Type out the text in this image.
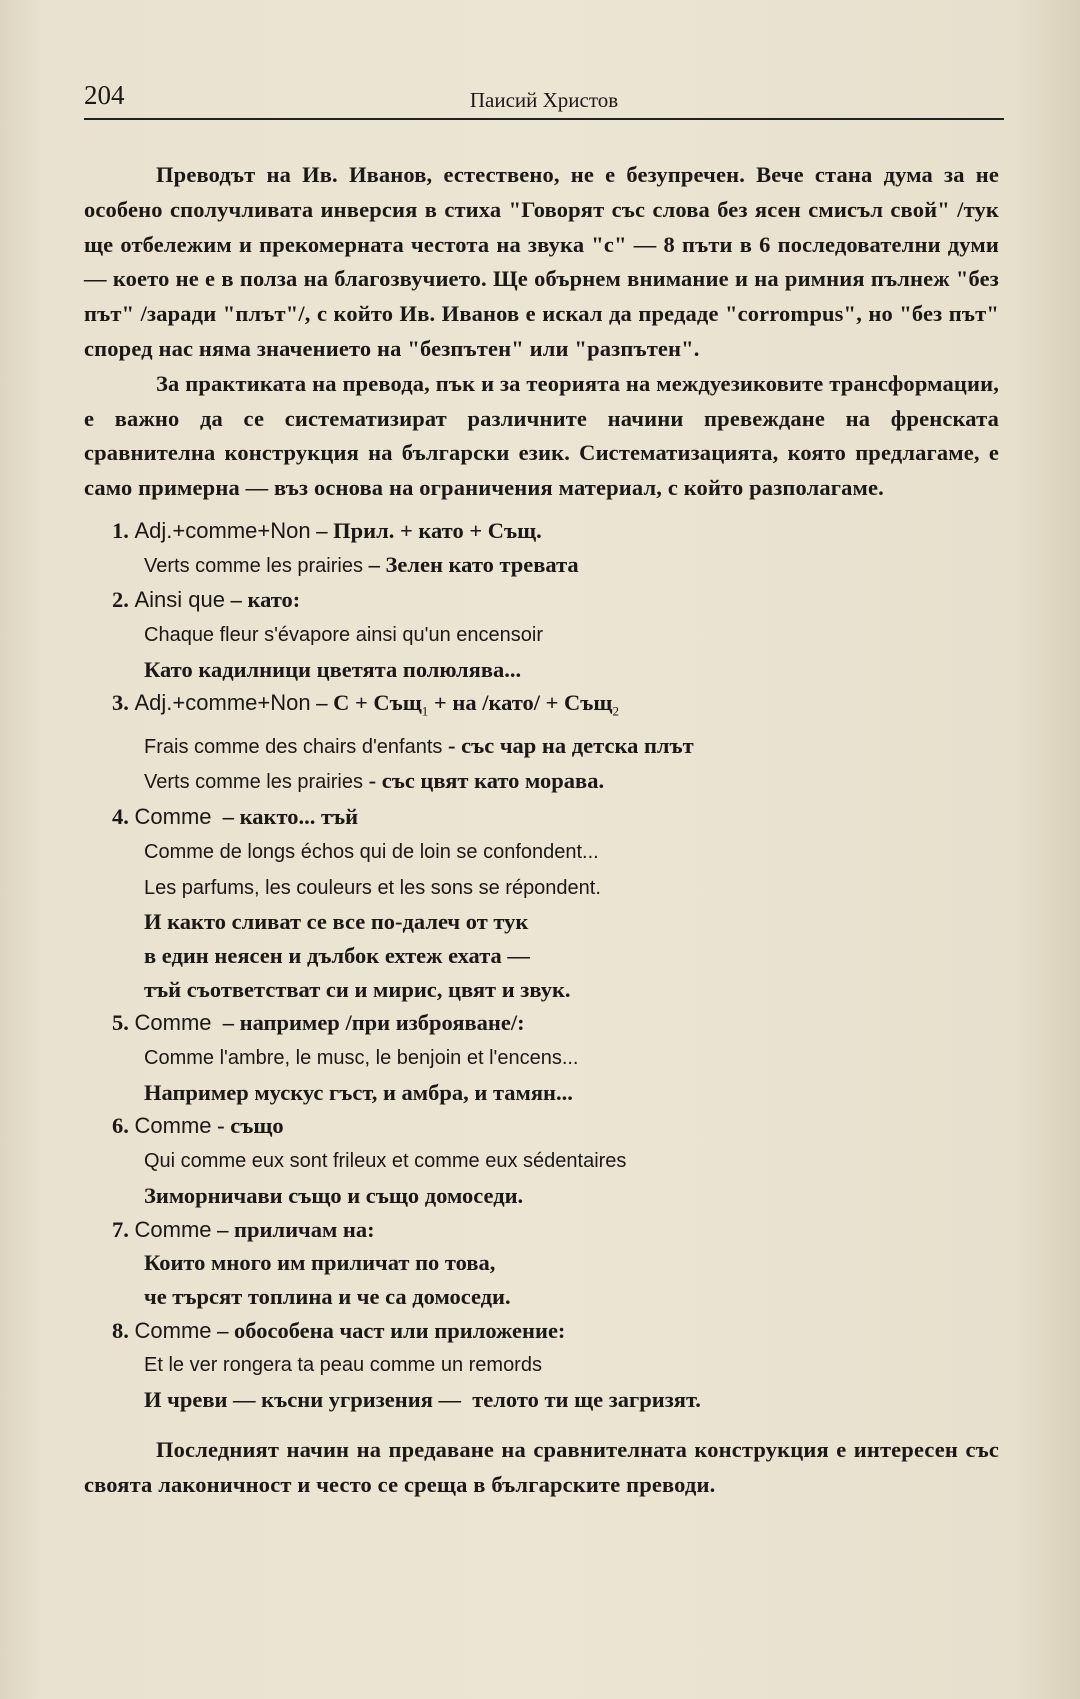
204	Паисий Христов

Преводът на Ив. Иванов, естествено, не е безупречен. Вече стана дума за не особено сполучливата инверсия в стиха "Говорят със слова без ясен смисъл свой" /тук ще отбележим и прекомерната честота на звука "с" — 8 пъти в 6 последователни думи — което не е в полза на благозвучието. Ще обърнем внимание и на римния пълнеж "без път" /заради "плът"/, с който Ив. Иванов е искал да предаде "corrompus", но "без път" според нас няма значението на "безпътен" или "разпътен".

За практиката на превода, пък и за теорията на междуезиковите трансформации, е важно да се систематизират различните начини превеждане на френската сравнителна конструкция на български език. Систематизацията, която предлагаме, е само примерна — въз основа на ограничения материал, с който разполагаме.

1. Adj.+comme+Non – Прил. + като + Същ.
Verts comme les prairies – Зелен като тревата
2. Ainsi que – като:
Chaque fleur s'évapore ainsi qu'un encensoir
Като кадилници цветята полюлява...
3. Adj.+comme+Non – С + Същ$_1$ + на /като/ + Същ$_2$
Frais comme des chairs d'enfants - със чар на детска плът
Verts comme les prairies - със цвят като морава.
4. Comme  – както... тъй
Comme de longs échos qui de loin se confondent...
Les parfums, les couleurs et les sons se répondent.
И както сливат се все по-далеч от тук
в един неясен и дълбок ехтеж ехата —
тъй съответстват си и мирис, цвят и звук.
5. Comme  – например /при изброяване/:
Comme l'ambre, le musc, le benjoin et l'encens...
Например мускус гъст, и амбра, и тамян...
6. Comme - също
Qui comme eux sont frileux et comme eux sédentaires
Зиморничави също и също домоседи.
7. Comme – приличам на:
Които много им приличат по това,
че търсят топлина и че са домоседи.
8. Comme – обособена част или приложение:
Et le ver rongera ta peau comme un remords
И чреви — късни угризения —  телото ти ще загризят.

Последният начин на предаване на сравнителната конструкция е интересен със своята лаконичност и често се среща в българските преводи.
